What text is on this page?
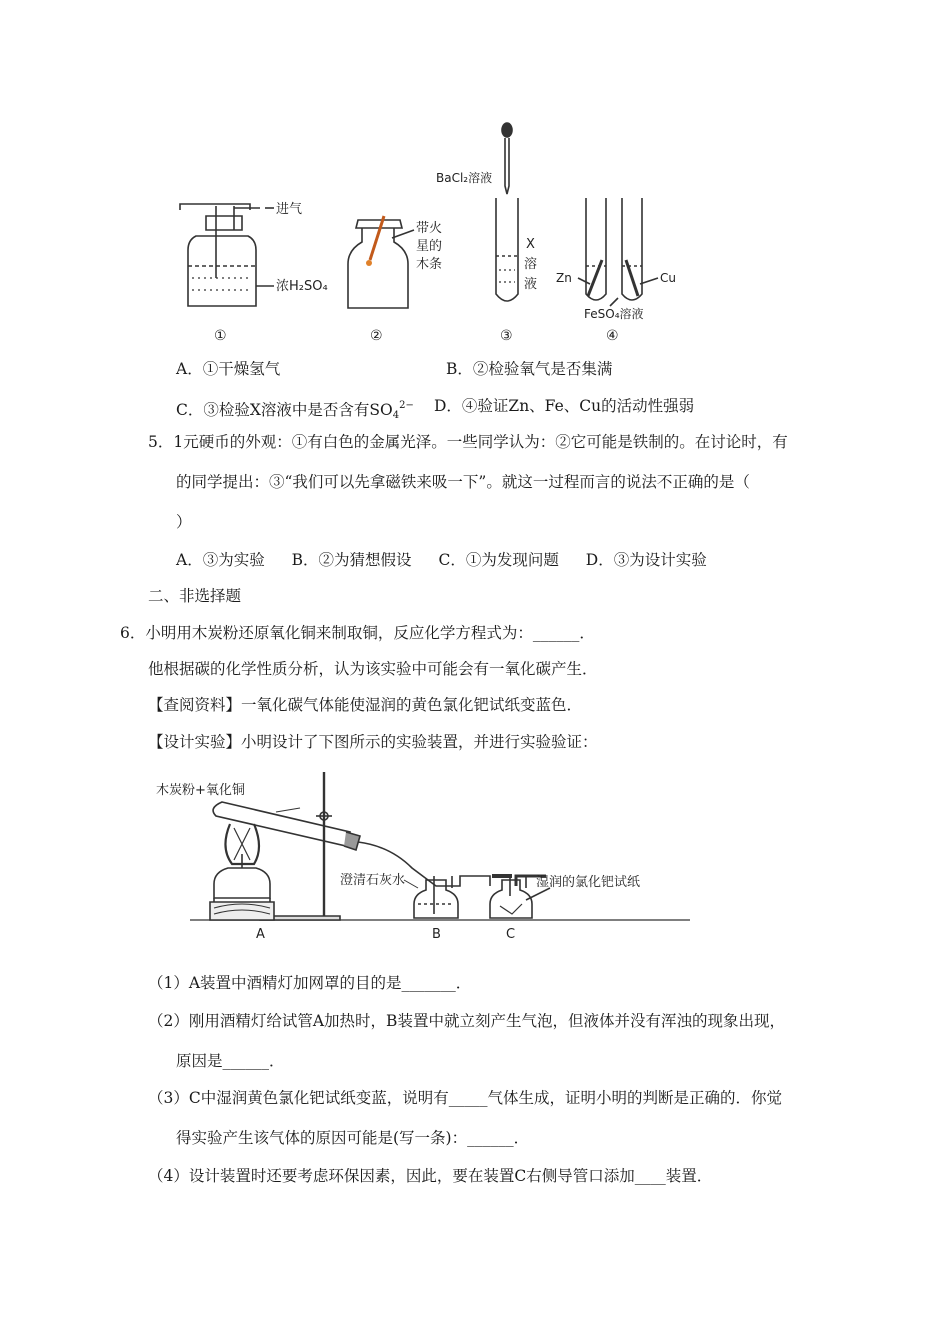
进气
浓H₂SO₄
带火
星的
木条
BaCl₂溶液
X
溶
液 Zn	Cu
FeSO₄溶液
①	②	③	④
A．①干燥氢气	B．②检验氧气是否集满
C．③检验X溶液中是否含有$SO4^{2-}$ D．④验证Zn、Fe、Cu的活动性强弱
5．1元硬币的外观：①有白色的金属光泽。一些同学认为：②它可能是铁制的。在讨论时，有
的同学提出：③“我们可以先拿磁铁来吸一下”。就这一过程而言的说法不正确的是（
）
A．③为实验 B．②为猜想假设 C．①为发现问题 D．③为设计实验
二、非选择题
6．小明用木炭粉还原氧化铜来制取铜，反应化学方程式为：______．
他根据碳的化学性质分析，认为该实验中可能会有一氧化碳产生．
【查阅资料】一氧化碳气体能使湿润的黄色氯化钯试纸变蓝色．
【设计实验】小明设计了下图所示的实验装置，并进行实验验证：
木炭粉+氧化铜
澄清石灰水	湿润的氯化钯试纸
A	B	C
（1）A装置中酒精灯加网罩的目的是_______．
（2）刚用酒精灯给试管A加热时，B装置中就立刻产生气泡，但液体并没有浑浊的现象出现，
原因是______．
（3）C中湿润黄色氯化钯试纸变蓝，说明有_____气体生成，证明小明的判断是正确的．你觉
得实验产生该气体的原因可能是(写一条)：______．
（4）设计装置时还要考虑环保因素，因此，要在装置C右侧导管口添加____装置．
